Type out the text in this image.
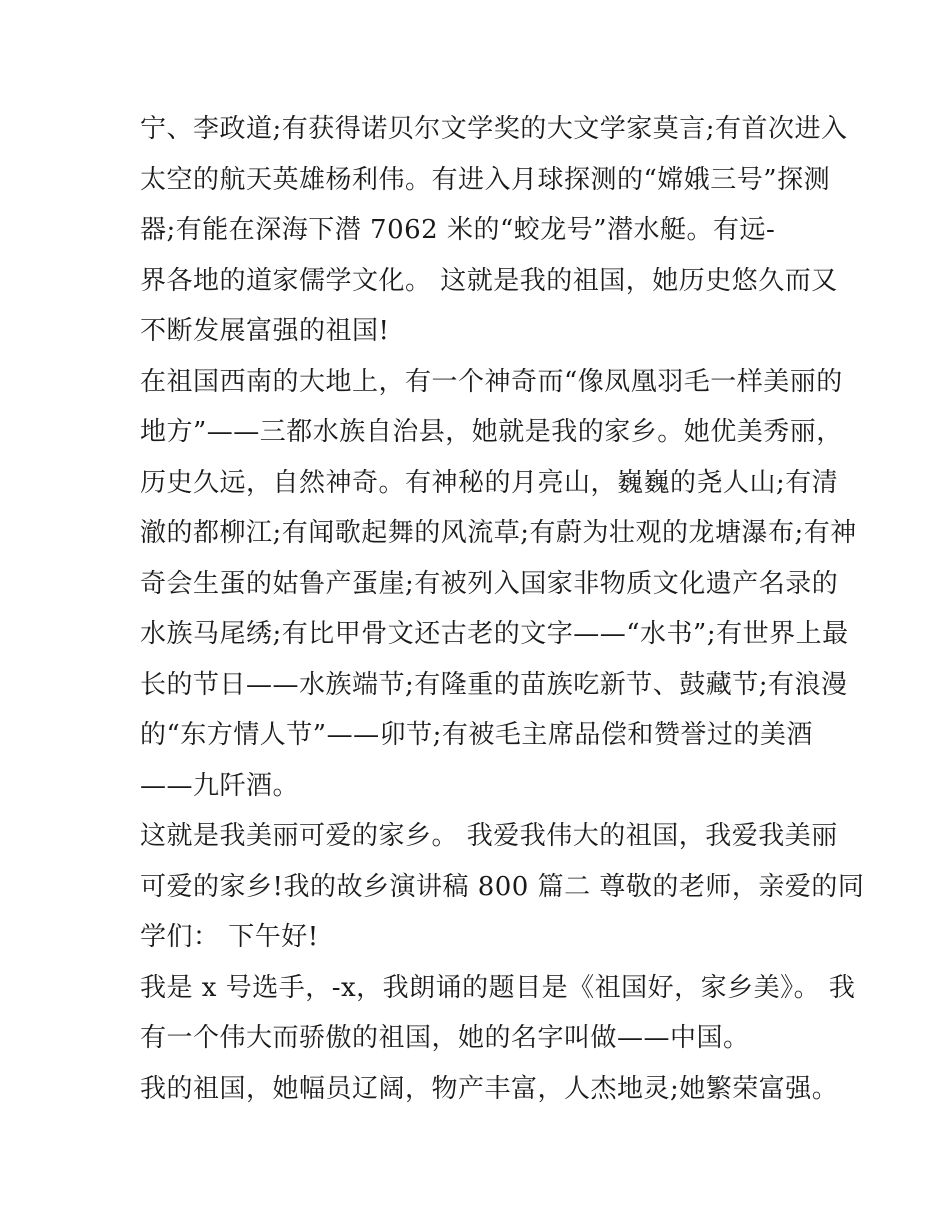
宁、李政道;有获得诺贝尔文学奖的大文学家莫言;有首次进入
太空的航天英雄杨利伟。有进入月球探测的“嫦娥三号”探测
器;有能在深海下潜 7062 米的“蛟龙号”潜水艇。有远-
界各地的道家儒学文化。 这就是我的祖国，她历史悠久而又
不断发展富强的祖国!
在祖国西南的大地上，有一个神奇而“像凤凰羽毛一样美丽的
地方”——三都水族自治县，她就是我的家乡。她优美秀丽，
历史久远，自然神奇。有神秘的月亮山，巍巍的尧人山;有清
澈的都柳江;有闻歌起舞的风流草;有蔚为壮观的龙塘瀑布;有神
奇会生蛋的姑鲁产蛋崖;有被列入国家非物质文化遗产名录的
水族马尾绣;有比甲骨文还古老的文字——“水书”;有世界上最
长的节日——水族端节;有隆重的苗族吃新节、鼓藏节;有浪漫
的“东方情人节”——卯节;有被毛主席品偿和赞誉过的美酒
——九阡酒。
这就是我美丽可爱的家乡。 我爱我伟大的祖国，我爱我美丽
可爱的家乡!我的故乡演讲稿 800 篇二 尊敬的老师，亲爱的同
学们： 下午好!
我是 x 号选手，-x，我朗诵的题目是《祖国好，家乡美》。 我
有一个伟大而骄傲的祖国，她的名字叫做——中国。
我的祖国，她幅员辽阔，物产丰富，人杰地灵;她繁荣富强。
